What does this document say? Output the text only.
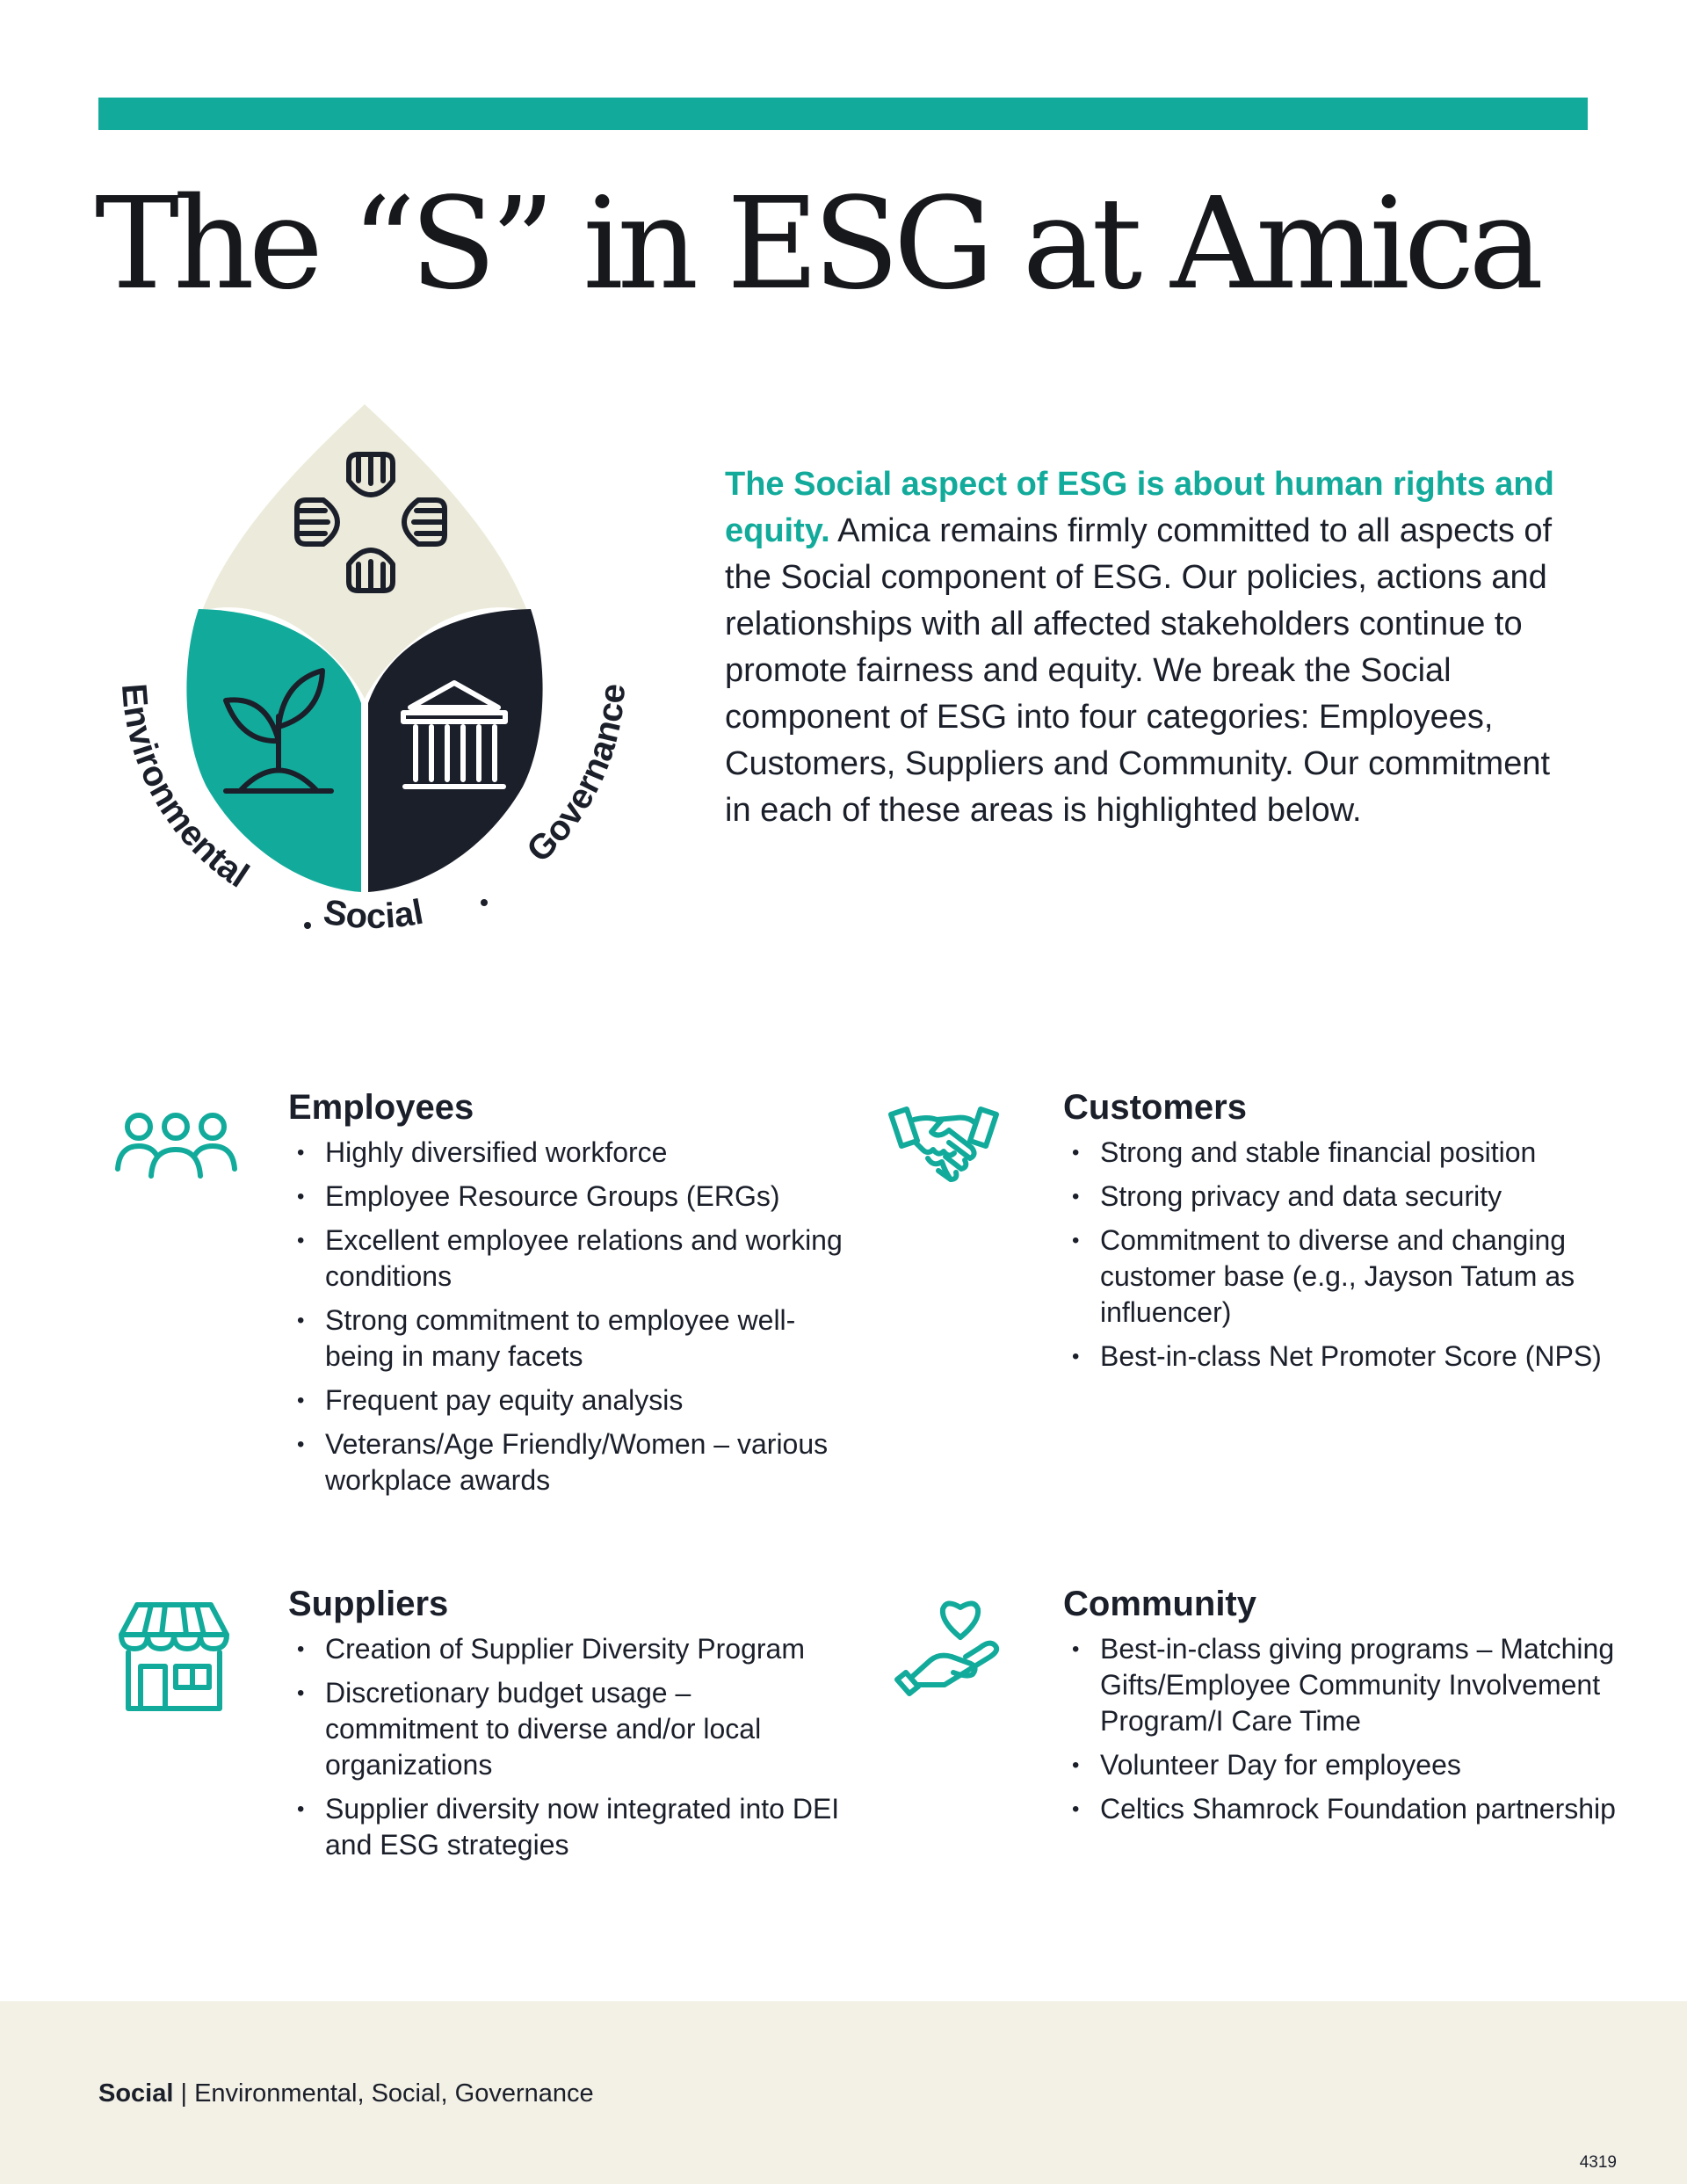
The “S” in ESG at Amica
Environmental
Social
Governance
The Social aspect of ESG is about human rights and equity. Amica remains firmly committed to all aspects of the Social component of ESG. Our policies, actions and relationships with all affected stakeholders continue to promote fairness and equity. We break the Social component of ESG into four categories: Employees, Customers, Suppliers and Community. Our commitment in each of these areas is highlighted below.
Employees
• Highly diversified workforce
• Employee Resource Groups (ERGs)
• Excellent employee relations and working conditions
• Strong commitment to employee well-being in many facets
• Frequent pay equity analysis
• Veterans/Age Friendly/Women – various workplace awards
Customers
• Strong and stable financial position
• Strong privacy and data security
• Commitment to diverse and changing customer base (e.g., Jayson Tatum as influencer)
• Best-in-class Net Promoter Score (NPS)
Suppliers
• Creation of Supplier Diversity Program
• Discretionary budget usage – commitment to diverse and/or local organizations
• Supplier diversity now integrated into DEI and ESG strategies
Community
• Best-in-class giving programs – Matching Gifts/Employee Community Involvement Program/I Care Time
• Volunteer Day for employees
• Celtics Shamrock Foundation partnership
Social | Environmental, Social, Governance
4319
